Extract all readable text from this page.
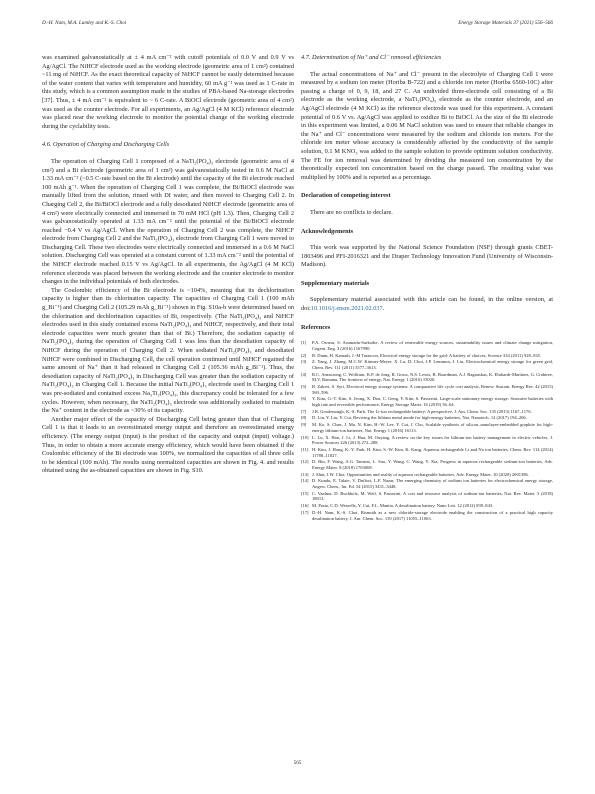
D.-H. Nam, M.A. Lumley and K.-S. Choi	Energy Storage Materials 37 (2021) 556–566

was examined galvanostatically at ± 4 mA cm⁻² with cutoff potentials of 0.0 V and 0.9 V vs Ag/AgCl. The NiHCF electrode used as the working electrode (geometric area of 1 cm²) contained ~11 mg of NiHCF. As the exact theoretical capacity of NiHCF cannot be easily determined because of the water content that varies with temperature and humidity, 60 mA g⁻¹ was used as 1 C-rate in this study, which is a common assumption made in the studies of PBA-based Na-storage electrodes [37]. Thus, ± 4 mA cm⁻² is equivalent to ~ 6 C-rate. A BiOCl electrode (geometric area of 4 cm²) was used as the counter electrode. For all experiments, an Ag/AgCl (4 M KCl) reference electrode was placed near the working electrode to monitor the potential change of the working electrode during the cyclability tests.

4.6. Operation of Charging and Discharging Cells

The operation of Charging Cell 1 composed of a NaTi₂(PO₄)₃ electrode (geometric area of 4 cm²) and a Bi electrode (geometric area of 1 cm²) was galvanostatically tested in 0.6 M NaCl at 1.33 mA cm⁻² (~0.5 C-rate based on the Bi electrode) until the capacity of the Bi electrode reached 100 mAh g⁻¹. When the operation of Charging Cell 1 was complete, the Bi/BiOCl electrode was manually lifted from the solution, rinsed with DI water, and then moved to Charging Cell 2. In Charging Cell 2, the Bi/BiOCl electrode and a fully desodiated NiHCF electrode (geometric area of 4 cm²) were electrically connected and immersed in 70 mM HCl (pH 1.3). Then, Charging Cell 2 was galvanostatically operated at 1.33 mA cm⁻² until the potential of the Bi/BiOCl electrode reached −0.4 V vs Ag/AgCl. When the operation of Charging Cell 2 was complete, the NiHCF electrode from Charging Cell 2 and the NaTi₂(PO₄)₃ electrode from Charging Cell 1 were moved to Discharging Cell. These two electrodes were electrically connected and immersed in a 0.6 M NaCl solution. Discharging Cell was operated at a constant current of 1.33 mA cm⁻² until the potential of the NiHCF electrode reached 0.15 V vs Ag/AgCl. In all experiments, the Ag/AgCl (4 M KCl) reference electrode was placed between the working electrode and the counter electrode to monitor changes in the individual potentials of both electrodes.

The Coulombic efficiency of the Bi electrode is ~104%, meaning that its dechlorination capacity is higher than its chlorination capacity. The capacities of Charging Cell 1 (100 mAh g_Bi⁻¹) and Charging Cell 2 (105.29 mAh g_Bi⁻¹) shown in Fig. S10a-b were determined based on the chlorination and dechlorination capacities of Bi, respectively. (The NaTi₂(PO₄)₃ and NiHCF electrodes used in this study contained excess NaTi₂(PO₄)₃ and NiHCF, respectively, and their total electrode capacities were much greater than that of Bi.) Therefore, the sodiation capacity of NaTi₂(PO₄)₃ during the operation of Charging Cell 1 was less than the desodiation capacity of NiHCF during the operation of Charging Cell 2. When sodiated NaTi₂(PO₄)₃ and desodiated NiHCF were combined in Discharging Cell, the cell operation continued until NiHCF regained the same amount of Na⁺ than it had released in Charging Cell 2 (105.36 mAh g_Bi⁻¹). Thus, the desodiation capacity of NaTi₂(PO₄)₃ in Discharging Cell was greater than the sodiation capacity of NaTi₂(PO₄)₃ in Charging Cell 1. Because the initial NaTi₂(PO₄)₃ electrode used in Charging Cell 1 was pre-sodiated and contained excess Na₃Ti₂(PO₄)₃, this discrepancy could be tolerated for a few cycles. However, when necessary, the NaTi₂(PO₄)₃ electrode was additionally sodiated to maintain the Na⁺ content in the electrode as ~30% of its capacity.

Another major effect of the capacity of Discharging Cell being greater than that of Charging Cell 1 is that it leads to an overestimated energy output and therefore an overestimated energy efficiency. (The energy output (input) is the product of the capacity and output (input) voltage.) Thus, in order to obtain a more accurate energy efficiency, which would have been obtained if the Coulombic efficiency of the Bi electrode was 100%, we normalized the capacities of all three cells to be identical (100 mAh). The results using normalized capacities are shown in Fig. 4. and results obtained using the as-obtained capacities are shown in Fig. S10.

4.7. Determination of Na⁺ and Cl⁻ removal efficiencies

The actual concentrations of Na⁺ and Cl⁻ present in the electrolyte of Charging Cell 1 were measured by a sodium ion meter (Horiba B-722) and a chloride ion meter (Horiba 6560-10C) after passing a charge of 0, 9, 18, and 27 C. An undivided three-electrode cell consisting of a Bi electrode as the working electrode, a NaTi₂(PO₄)₃ electrode as the counter electrode, and an Ag/AgCl electrode (4 M KCl) as the reference electrode was used for this experiment. A constant potential of 0.6 V vs. Ag/AgCl was applied to oxidize Bi to BiOCl. As the size of the Bi electrode in this experiment was limited, a 0.06 M NaCl solution was used to ensure that reliable changes in the Na⁺ and Cl⁻ concentrations were measured by the sodium and chloride ion meters. For the chloride ion meter whose accuracy is considerably affected by the conductivity of the sample solution, 0.1 M KNO₃ was added to the sample solution to provide optimum solution conductivity. The FE for ion removal was determined by dividing the measured ion concentration by the theoretically expected ion concentration based on the charge passed. The resulting value was multiplied by 100% and is reported as a percentage.

Declaration of competing interest

There are no conflicts to declare.

Acknowledgements

This work was supported by the National Science Foundation (NSF) through grants CBET-1803496 and PFI-2016321 and the Draper Technology Innovation Fund (University of Wisconsin-Madison).

Supplementary materials

Supplementary material associated with this article can be found, in the online version, at doi:10.1016/j.ensm.2021.02.037.

References
[1]	P.A. Owusu, S. Asumadu-Sarkodie, A review of renewable energy sources, sustainability issues and climate change mitigation, Cogent. Eng. 3 (2016) 1167990.
[2]	B. Dunn, H. Kamath, J.-M Tarascon, Electrical energy storage for the grid: A battery of choices, Science 334 (2011) 928–935.
[3]	Z. Yang, J. Zhang, M.C.W. Kintner-Meyer, X. Lu, D. Choi, J.P. Lemmon, J. Liu, Electrochemical energy storage for green grid, Chem. Rev. 111 (2011) 3577–3613.
[4]	R.C. Armstrong, C. Wolfram, K.P. de Jong, R. Gross, N.S. Lewis, B. Boardman, A.J. Ragauskas, K. Ehrhardt-Martinez, G. Crabtree, M.V. Ramana, The frontiers of energy, Nat. Energy 1 (2016) 15020.
[5]	B. Zakeri, S. Syri, Electrical energy storage systems: A comparative life cycle cost analysis, Renew. Sustain. Energy Rev. 42 (2015) 569–596.
[6]	Y. Kim, G.-T. Kim, S. Jeong, X. Dou, C. Geng, Y. Kim, S. Passerini, Large-scale stationary energy storage: Seawater batteries with high rate and reversible performance, Energy Storage Mater. 16 (2019) 56–64.
[7]	J.B. Goodenough, K.-S. Park, The Li-ion rechargeable battery: A perspective, J. Am. Chem. Soc. 135 (2013) 1167–1176.
[8]	D. Lin, Y. Liu, Y. Cui, Reviving the lithium metal anode for high-energy batteries, Nat. Nanotech. 12 (2017) 194–206.
[9]	M. Ko, S. Chae, J. Ma, N. Kim, H.-W. Lee, Y. Cui, J. Cho, Scalable synthesis of silicon–nanolayer-embedded graphite for high-energy lithium-ion batteries, Nat. Energy 1 (2016) 16113.
[10] L. Lu, X. Han, J. Li, J. Hua, M. Ouyang, A review on the key issues for lithium-ion battery management in electric vehicles, J. Power Sources 226 (2013) 272–288.
[11] H. Kim, J. Hong, K.-Y. Park, H. Kim, S.-W. Kim, K. Kang, Aqueous rechargeable Li and Na ion batteries, Chem. Rev. 114 (2014) 11788–11827.
[12] D. Bin, F. Wang, A.G. Tamirat, L. Suo, Y. Wang, C. Wang, Y. Xia, Progress in aqueous rechargeable sodium-ion batteries, Adv. Energy Mater. 8 (2018) 1703008.
[13] J. Shin, J.W. Choi, Opportunities and reality of aqueous rechargeable batteries, Adv. Energy Mater. 10 (2020) 2001386.
[14] D. Kundu, E. Talaie, V. Duffort, L.F. Nazar, The emerging chemistry of sodium ion batteries for electrochemical energy storage, Angew. Chem., Int. Ed. 54 (2015) 3431–3448.
[15] C. Vaalma, D. Buchholz, M. Weil, S. Passerini, A cost and resource analysis of sodium-ion batteries, Nat. Rev. Mater. 3 (2018) 18013.
[16] M. Pasta, C.D. Wessells, Y. Cui, F.L. Mantia, A desalination battery, Nano Lett. 12 (2012) 839–843.
[17] D.-H. Nam, K.-S. Choi, Bismuth as a new chloride-storage electrode enabling the construction of a practical high capacity desalination battery, J. Am. Chem. Soc. 139 (2017) 11055–11063.
565
